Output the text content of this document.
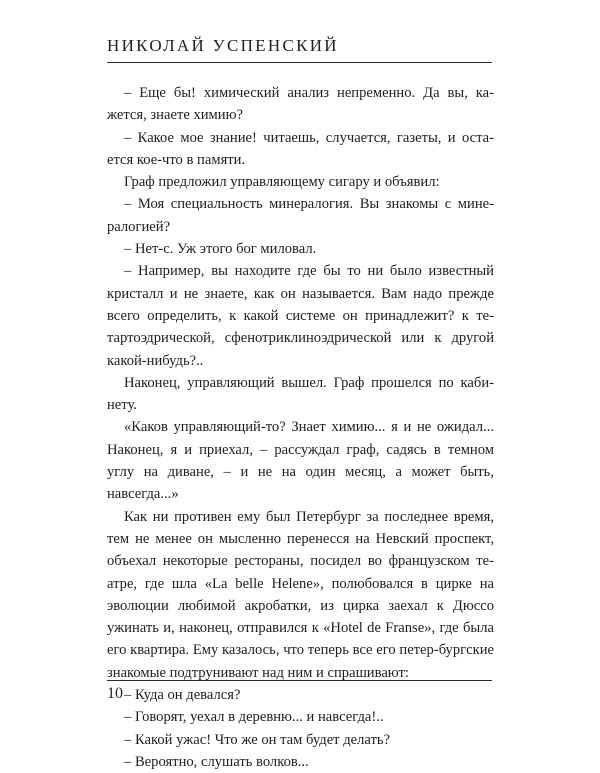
НИКОЛАЙ УСПЕНСКИЙ

– Еще бы! химический анализ непременно. Да вы, ка-жется, знаете химию?

– Какое мое знание! читаешь, случается, газеты, и оста-ется кое-что в памяти.

Граф предложил управляющему сигару и объявил:

– Моя специальность минералогия. Вы знакомы с мине-ралогией?

– Нет-с. Уж этого бог миловал.

– Например, вы находите где бы то ни было известный кристалл и не знаете, как он называется. Вам надо прежде всего определить, к какой системе он принадлежит? к те-тартоэдрической, сфенотриклиноэдрической или к другой какой-нибудь?..

Наконец, управляющий вышел. Граф прошелся по каби-нету.

«Каков управляющий-то? Знает химию... я и не ожидал... Наконец, я и приехал, – рассуждал граф, садясь в темном углу на диване, – и не на один месяц, а может быть, навсегда...»

Как ни противен ему был Петербург за последнее время, тем не менее он мысленно перенесся на Невский проспект, объехал некоторые рестораны, посидел во французском те-атре, где шла «La belle Helene», полюбовался в цирке на эволюции любимой акробатки, из цирка заехал к Дюссо ужинать и, наконец, отправился к «Hotel de Franse», где была его квартира. Ему казалось, что теперь все его петер-бургские знакомые подтрунивают над ним и спрашивают:

– Куда он девался?

– Говорят, уехал в деревню... и навсегда!..

– Какой ужас! Что же он там будет делать?

– Вероятно, слушать волков...

10
